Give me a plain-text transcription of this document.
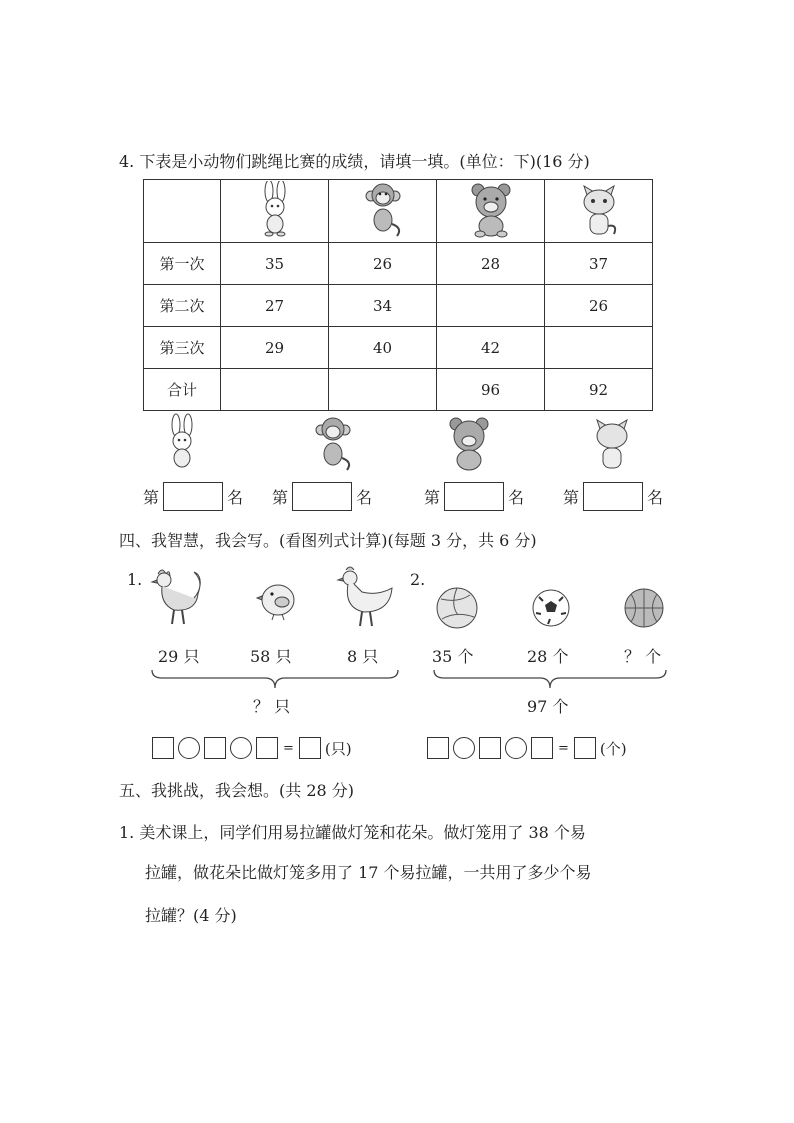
4. 下表是小动物们跳绳比赛的成绩，请填一填。(单位：下)(16 分)

第一次	35	26	28	37
第二次	27	34		26
第三次	29	40	42	
合计			96	92
第	名 第	名	第	名 第	名
四、我智慧，我会写。(看图列式计算)(每题 3 分，共 6 分)
1.
29 只	58 只	8 只
？ 只
= (只)
2.
35 个	28 个	？ 个
97 个
= (个)
五、我挑战，我会想。(共 28 分)
1. 美术课上，同学们用易拉罐做灯笼和花朵。做灯笼用了 38 个易
拉罐，做花朵比做灯笼多用了 17 个易拉罐，一共用了多少个易
拉罐？(4 分)
